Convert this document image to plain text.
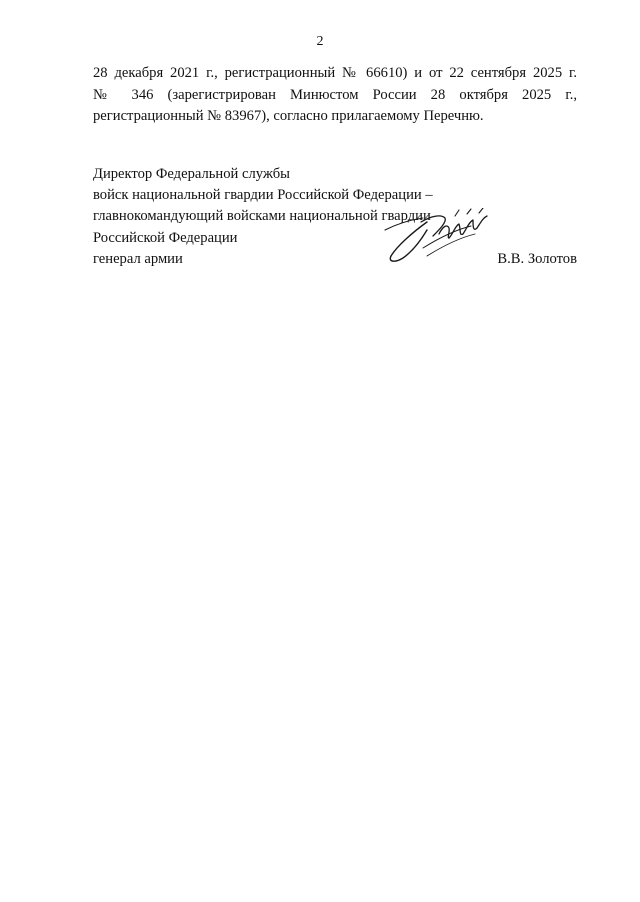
2
28 декабря 2021 г., регистрационный № 66610) и от 22 сентября 2025 г.
№ 346 (зарегистрирован Минюстом России 28 октября 2025 г.,
регистрационный № 83967), согласно прилагаемому Перечню.
Директор Федеральной службы
войск национальной гвардии Российской Федерации –
главнокомандующий войсками национальной гвардии
Российской Федерации
генерал армии	В.В. Золотов
